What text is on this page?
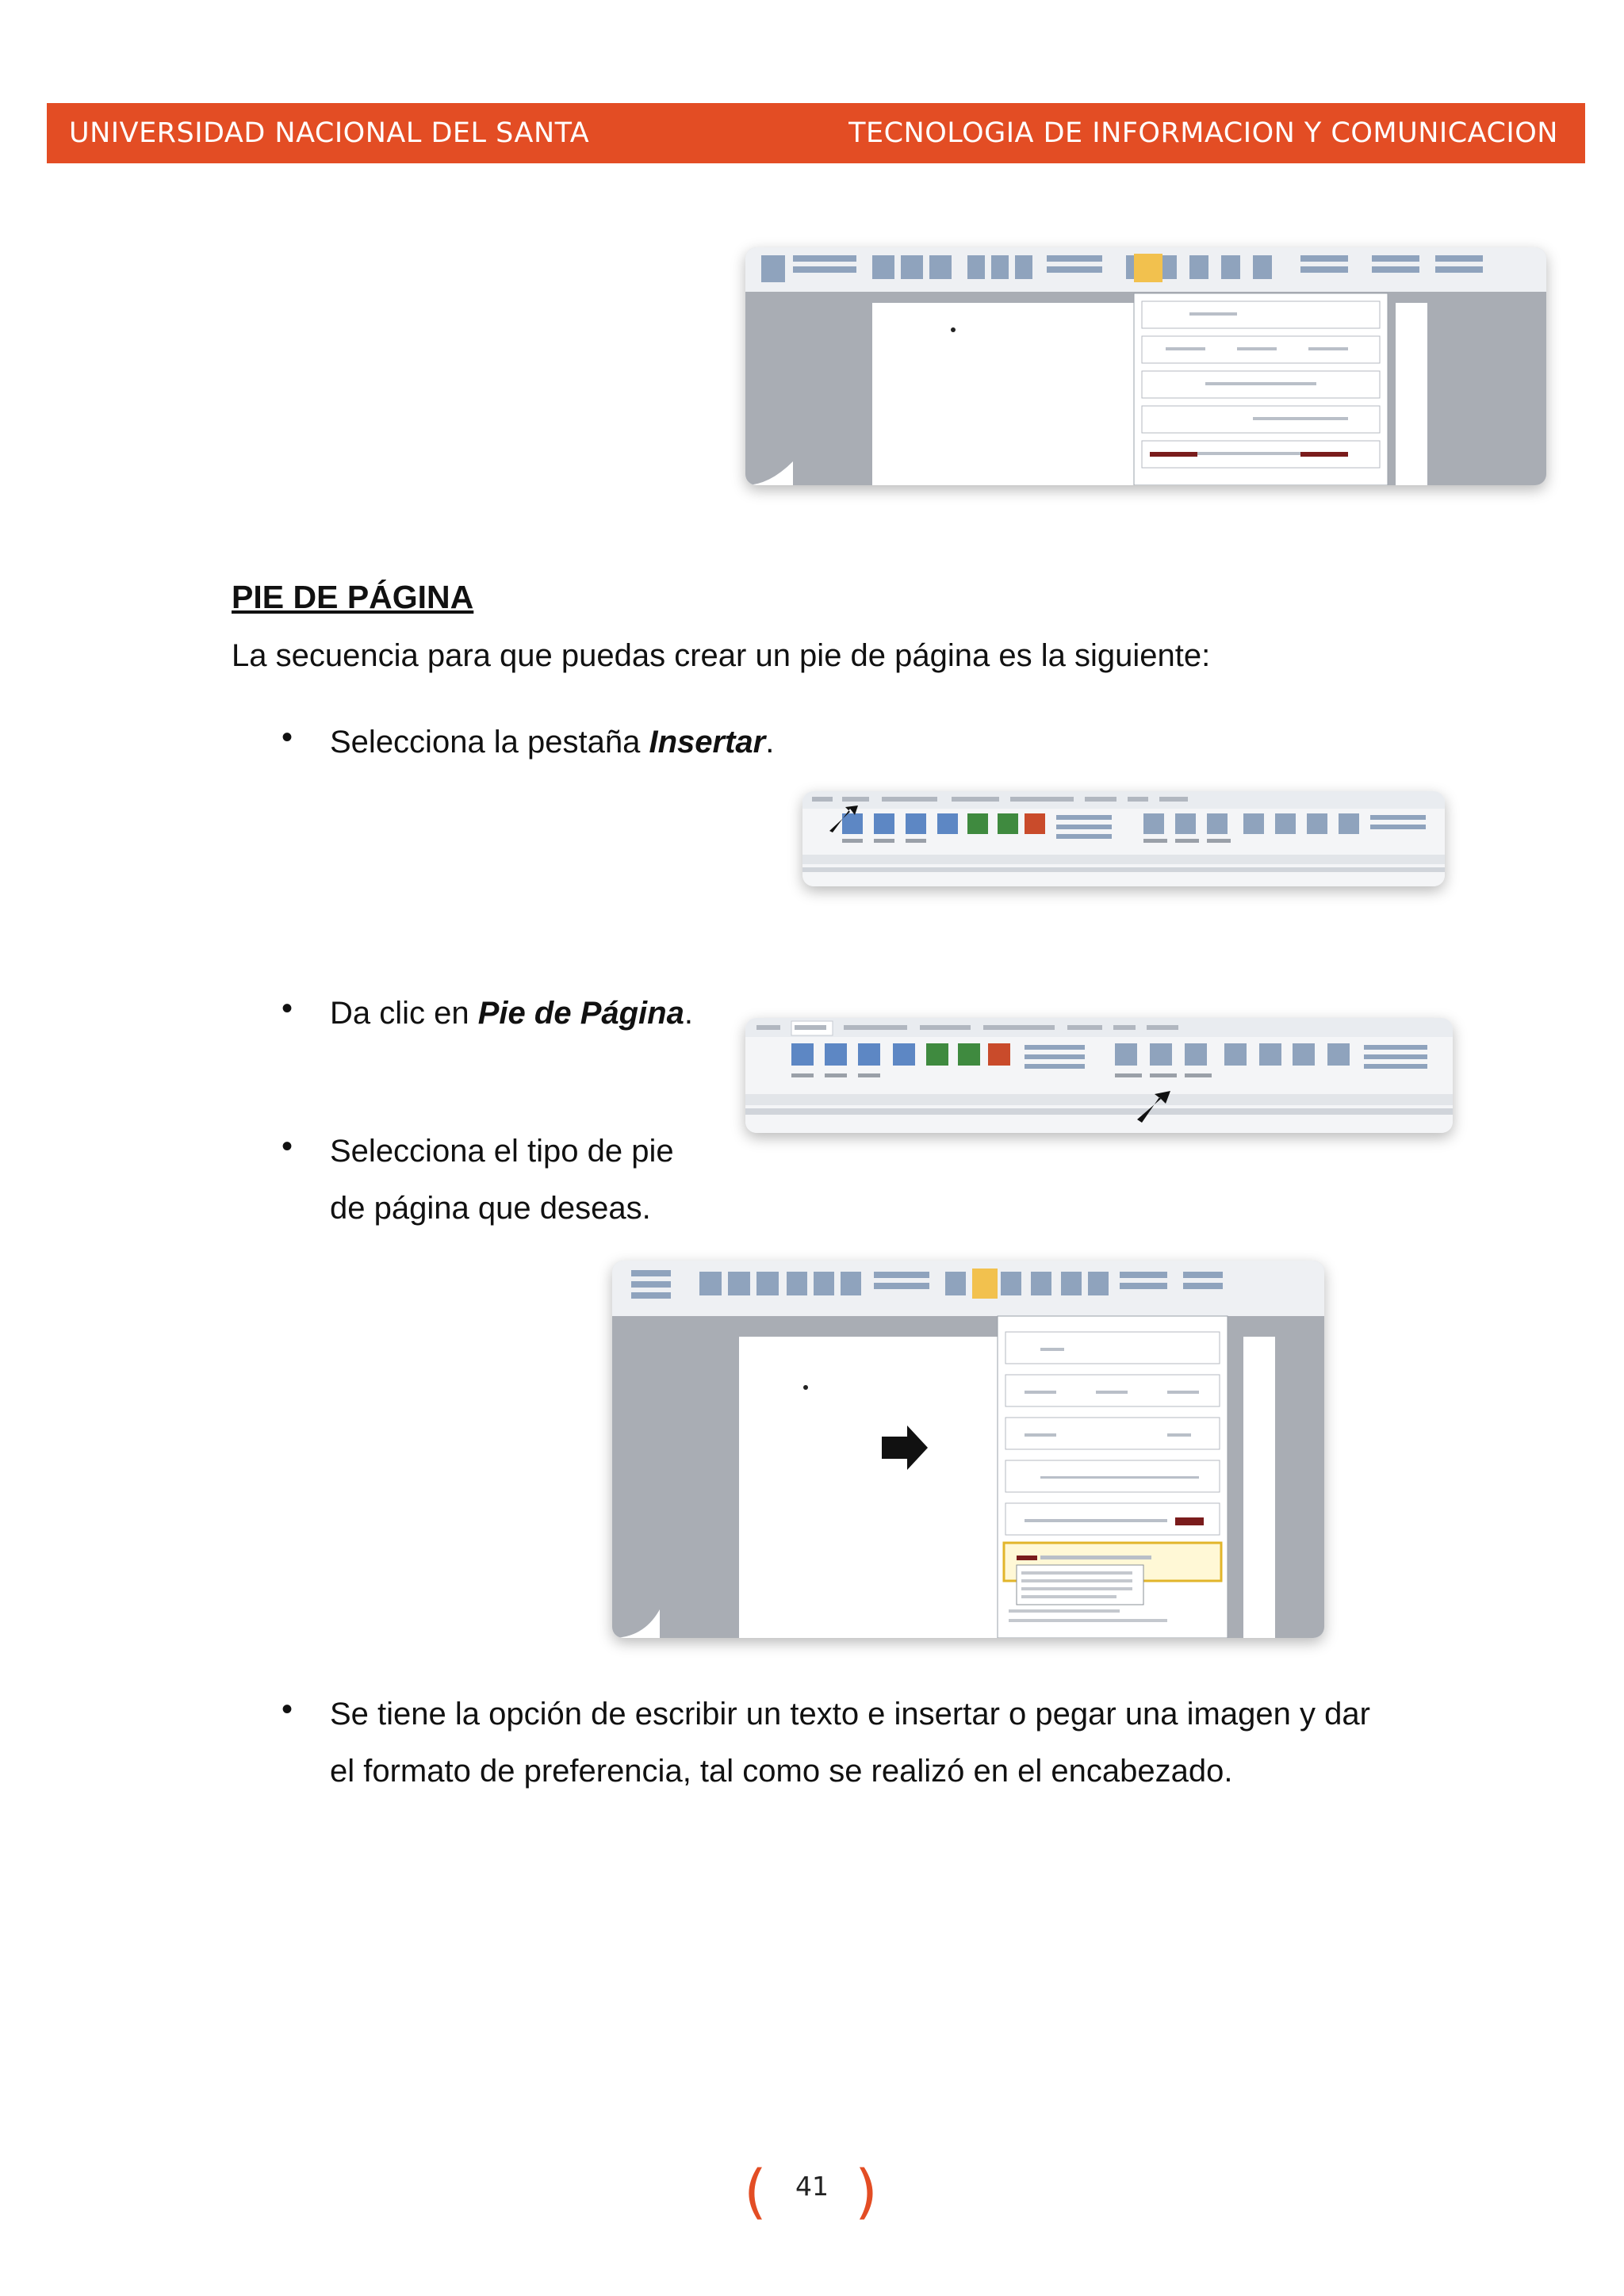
UNIVERSIDAD NACIONAL DEL SANTA	TECNOLOGIA DE INFORMACION Y COMUNICACION
PIE DE PÁGINA
La secuencia para que puedas crear un pie de página es la siguiente:
• Selecciona la pestaña Insertar.
• Da clic en Pie de Página.
• Selecciona el tipo de pie
de página que deseas.
• Se tiene la opción de escribir un texto e insertar o pegar una imagen y dar
el formato de preferencia, tal como se realizó en el encabezado.
( 41 )
